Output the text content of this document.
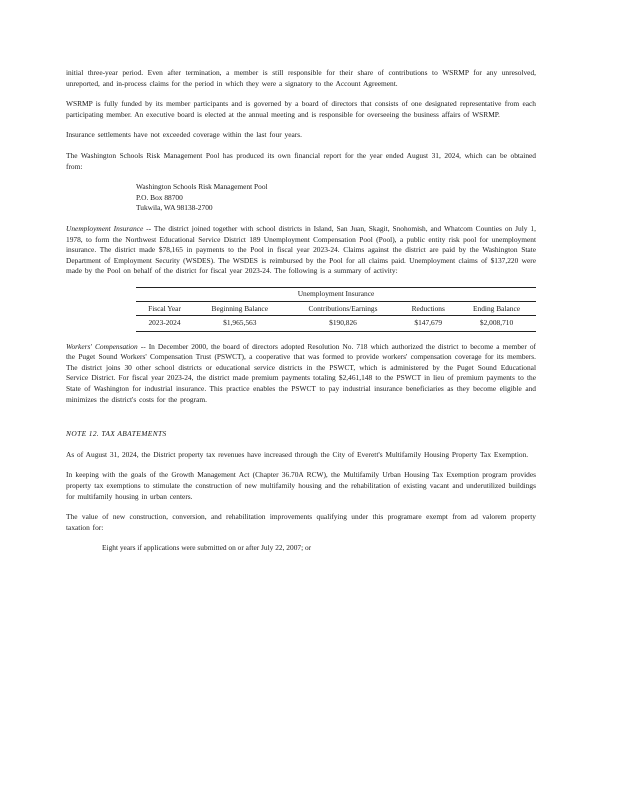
initial three-year period. Even after termination, a member is still responsible for their share of contributions to WSRMP for any unresolved, unreported, and in-process claims for the period in which they were a signatory to the Account Agreement.

WSRMP is fully funded by its member participants and is governed by a board of directors that consists of one designated representative from each participating member. An executive board is elected at the annual meeting and is responsible for overseeing the business affairs of WSRMP.

Insurance settlements have not exceeded coverage within the last four years.

The Washington Schools Risk Management Pool has produced its own financial report for the year ended August 31, 2024, which can be obtained from:

Washington Schools Risk Management Pool
P.O. Box 88700
Tukwila, WA 98138-2700

Unemployment Insurance -- The district joined together with school districts in Island, San Juan, Skagit, Snohomish, and Whatcom Counties on July 1, 1978, to form the Northwest Educational Service District 189 Unemployment Compensation Pool (Pool), a public entity risk pool for unemployment insurance. The district made $78,165 in payments to the Pool in fiscal year 2023-24. Claims against the district are paid by the Washington State Department of Employment Security (WSDES). The WSDES is reimbursed by the Pool for all claims paid. Unemployment claims of $137,220 were made by the Pool on behalf of the district for fiscal year 2023-24. The following is a summary of activity:

Unemployment Insurance				
Fiscal Year	Beginning Balance	Contributions/Earnings	Reductions	Ending Balance
2023-2024	$1,965,563	$190,826	$147,679	$2,008,710

Workers' Compensation -- In December 2000, the board of directors adopted Resolution No. 718 which authorized the district to become a member of the Puget Sound Workers' Compensation Trust (PSWCT), a cooperative that was formed to provide workers' compensation coverage for its members. The district joins 30 other school districts or educational service districts in the PSWCT, which is administered by the Puget Sound Educational Service District. For fiscal year 2023-24, the district made premium payments totaling $2,461,148 to the PSWCT in lieu of premium payments to the State of Washington for industrial insurance. This practice enables the PSWCT to pay industrial insurance beneficiaries as they become eligible and minimizes the district's costs for the program.

NOTE 12. TAX ABATEMENTS

As of August 31, 2024, the District property tax revenues have increased through the City of Everett's Multifamily Housing Property Tax Exemption.

In keeping with the goals of the Growth Management Act (Chapter 36.70A RCW), the Multifamily Urban Housing Tax Exemption program provides property tax exemptions to stimulate the construction of new multifamily housing and the rehabilitation of existing vacant and underutilized buildings for multifamily housing in urban centers.

The value of new construction, conversion, and rehabilitation improvements qualifying under this programare exempt from ad valorem property taxation for:

Eight years if applications were submitted on or after July 22, 2007; or
